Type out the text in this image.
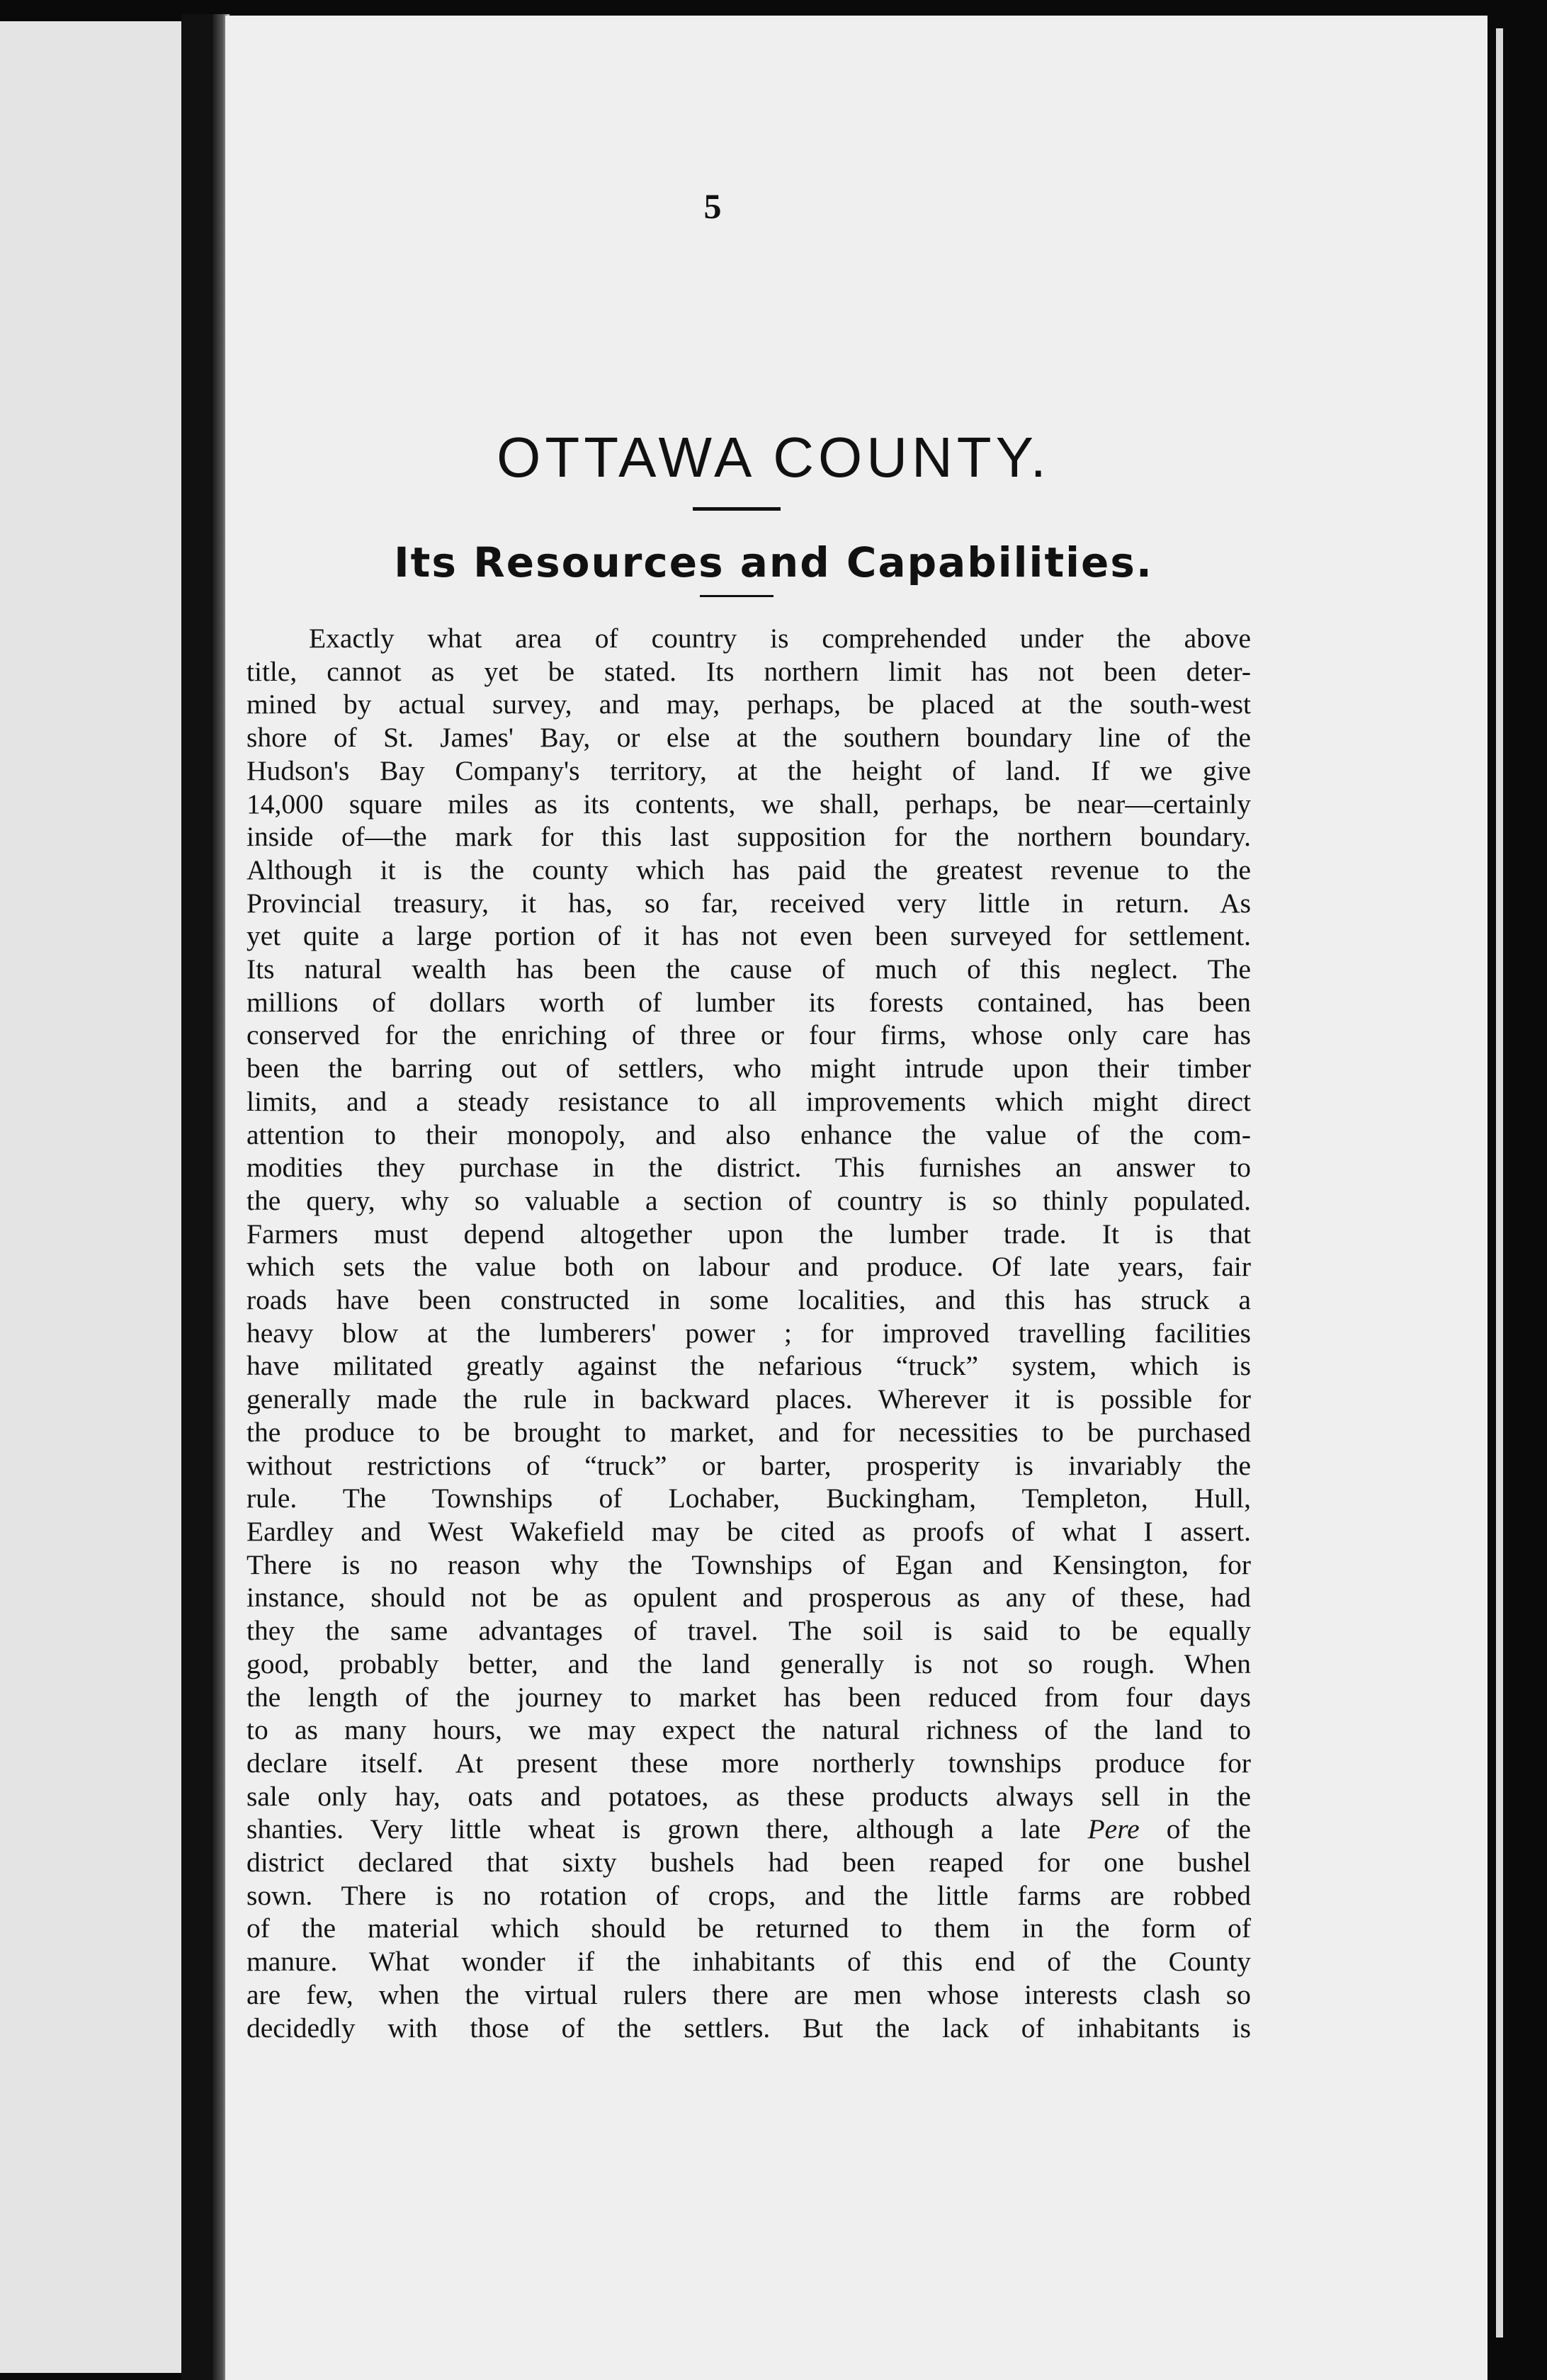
5
OTTAWA COUNTY.
Its Resources and Capabilities.
Exactly what area of country is comprehended under the above
title, cannot as yet be stated. Its northern limit has not been deter-
mined by actual survey, and may, perhaps, be placed at the south-west
shore of St. James' Bay, or else at the southern boundary line of the
Hudson's Bay Company's territory, at the height of land. If we give
14,000 square miles as its contents, we shall, perhaps, be near—certainly
inside of—the mark for this last supposition for the northern boundary.
Although it is the county which has paid the greatest revenue to the
Provincial treasury, it has, so far, received very little in return. As
yet quite a large portion of it has not even been surveyed for settlement.
Its natural wealth has been the cause of much of this neglect. The
millions of dollars worth of lumber its forests contained, has been
conserved for the enriching of three or four firms, whose only care has
been the barring out of settlers, who might intrude upon their timber
limits, and a steady resistance to all improvements which might direct
attention to their monopoly, and also enhance the value of the com-
modities they purchase in the district. This furnishes an answer to
the query, why so valuable a section of country is so thinly populated.
Farmers must depend altogether upon the lumber trade. It is that
which sets the value both on labour and produce. Of late years, fair
roads have been constructed in some localities, and this has struck a
heavy blow at the lumberers' power ; for improved travelling facilities
have militated greatly against the nefarious “truck” system, which is
generally made the rule in backward places. Wherever it is possible for
the produce to be brought to market, and for necessities to be purchased
without restrictions of “truck” or barter, prosperity is invariably the
rule. The Townships of Lochaber, Buckingham, Templeton, Hull,
Eardley and West Wakefield may be cited as proofs of what I assert.
There is no reason why the Townships of Egan and Kensington, for
instance, should not be as opulent and prosperous as any of these, had
they the same advantages of travel. The soil is said to be equally
good, probably better, and the land generally is not so rough. When
the length of the journey to market has been reduced from four days
to as many hours, we may expect the natural richness of the land to
declare itself. At present these more northerly townships produce for
sale only hay, oats and potatoes, as these products always sell in the
shanties. Very little wheat is grown there, although a late Pere of the
district declared that sixty bushels had been reaped for one bushel
sown. There is no rotation of crops, and the little farms are robbed
of the material which should be returned to them in the form of
manure. What wonder if the inhabitants of this end of the County
are few, when the virtual rulers there are men whose interests clash so
decidedly with those of the settlers. But the lack of inhabitants is
